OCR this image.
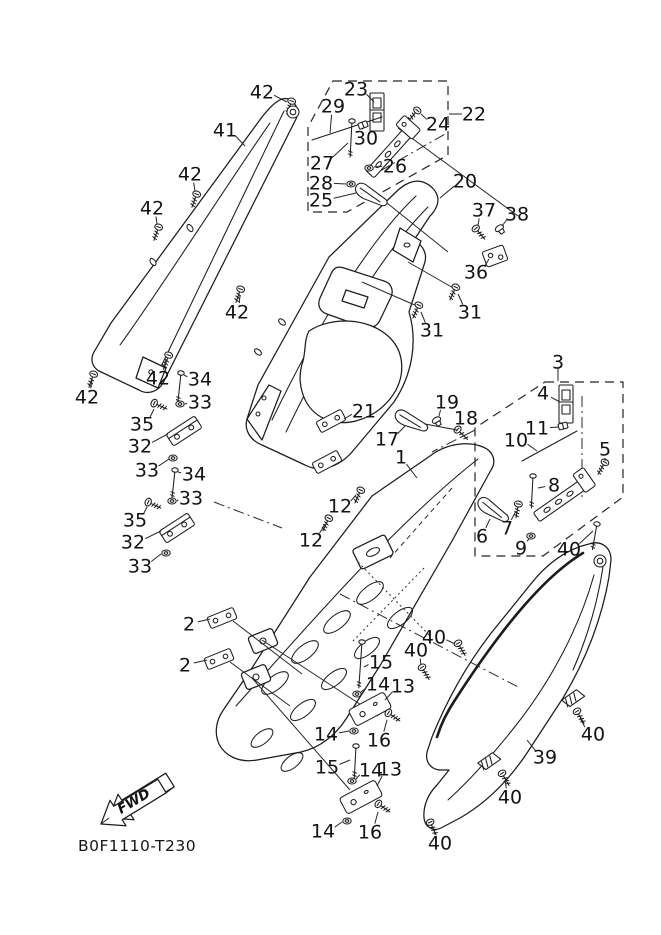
42	23
29
24 22
41	30
27	26
28
25
20
42
42	37 38
36
31
31
42
42 34
42	33
35
32
33
3
4
21	19
18 11
17	10	5
1
34	8
33	12
35	7
6
12
32	9 40
33
2
40
40
2	15
14 13
40
14 16
39
15 14
13
40
14 16 40
FWD
B0F1110-T230
